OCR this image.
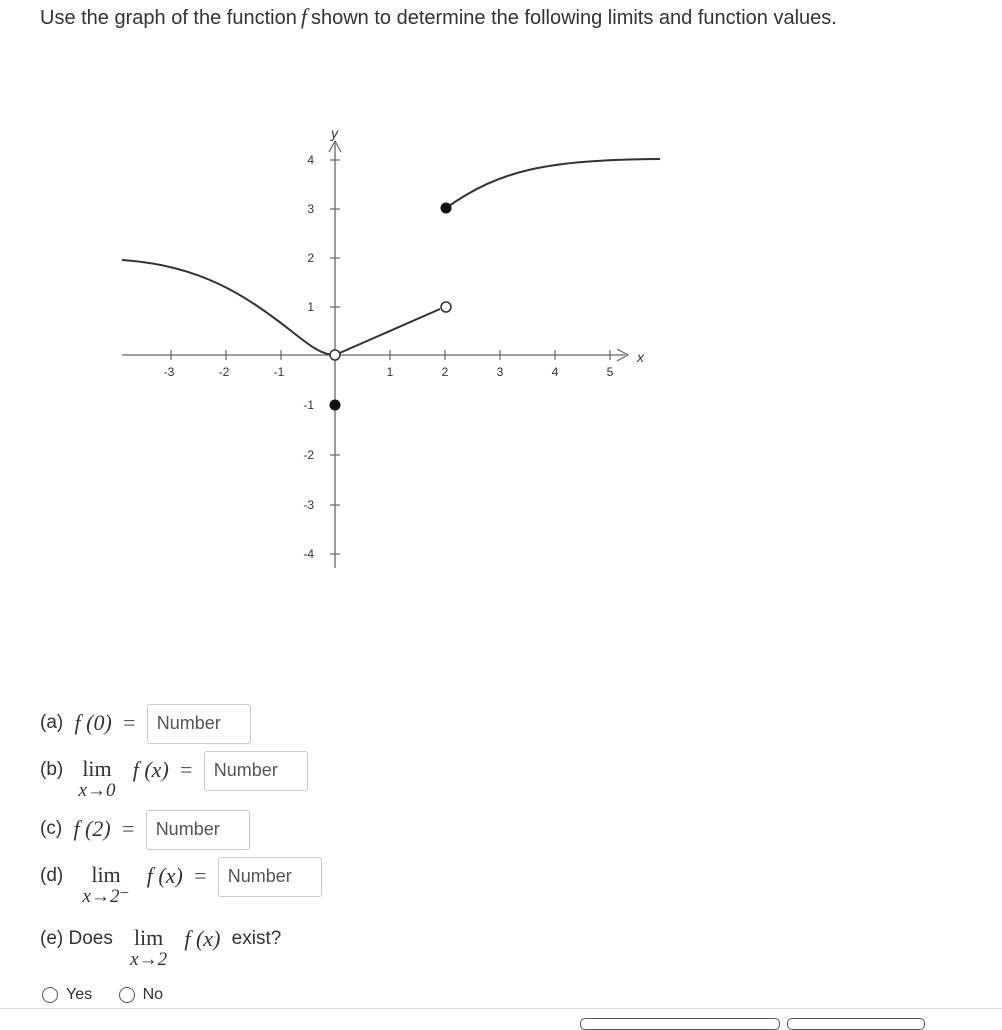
Use the graph of the function f shown to determine the following limits and function values.
x
y
-3	-2	-1	1	2	3	4	5
4
3
2
1
-1
-2
-3
-4
(a) f (0) = Number
(b) lim
x→0
f (x) = Number
(c) f (2) = Number
(d)	lim
x→2⁻
f (x) = Number
(e) Does lim
x→2
f (x) exist?
Yes
	No
